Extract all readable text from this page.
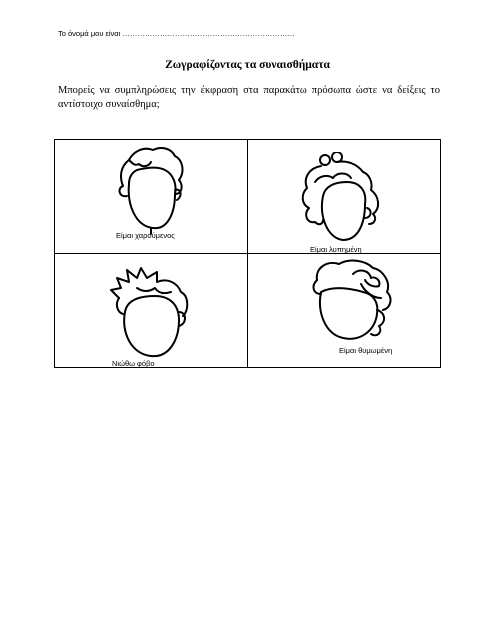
Το όνομά μου είναι ……………………………………………………………
Ζωγραφίζοντας τα συναισθήματα
Μπορείς να συμπληρώσεις την έκφραση στα παρακάτω πρόσωπα ώστε να δείξεις το αντίστοιχο συναίσθημα;
Είμαι χαρούμενος
Είμαι λυπημένη
Νιώθω φόβο
Είμαι θυμωμένη
